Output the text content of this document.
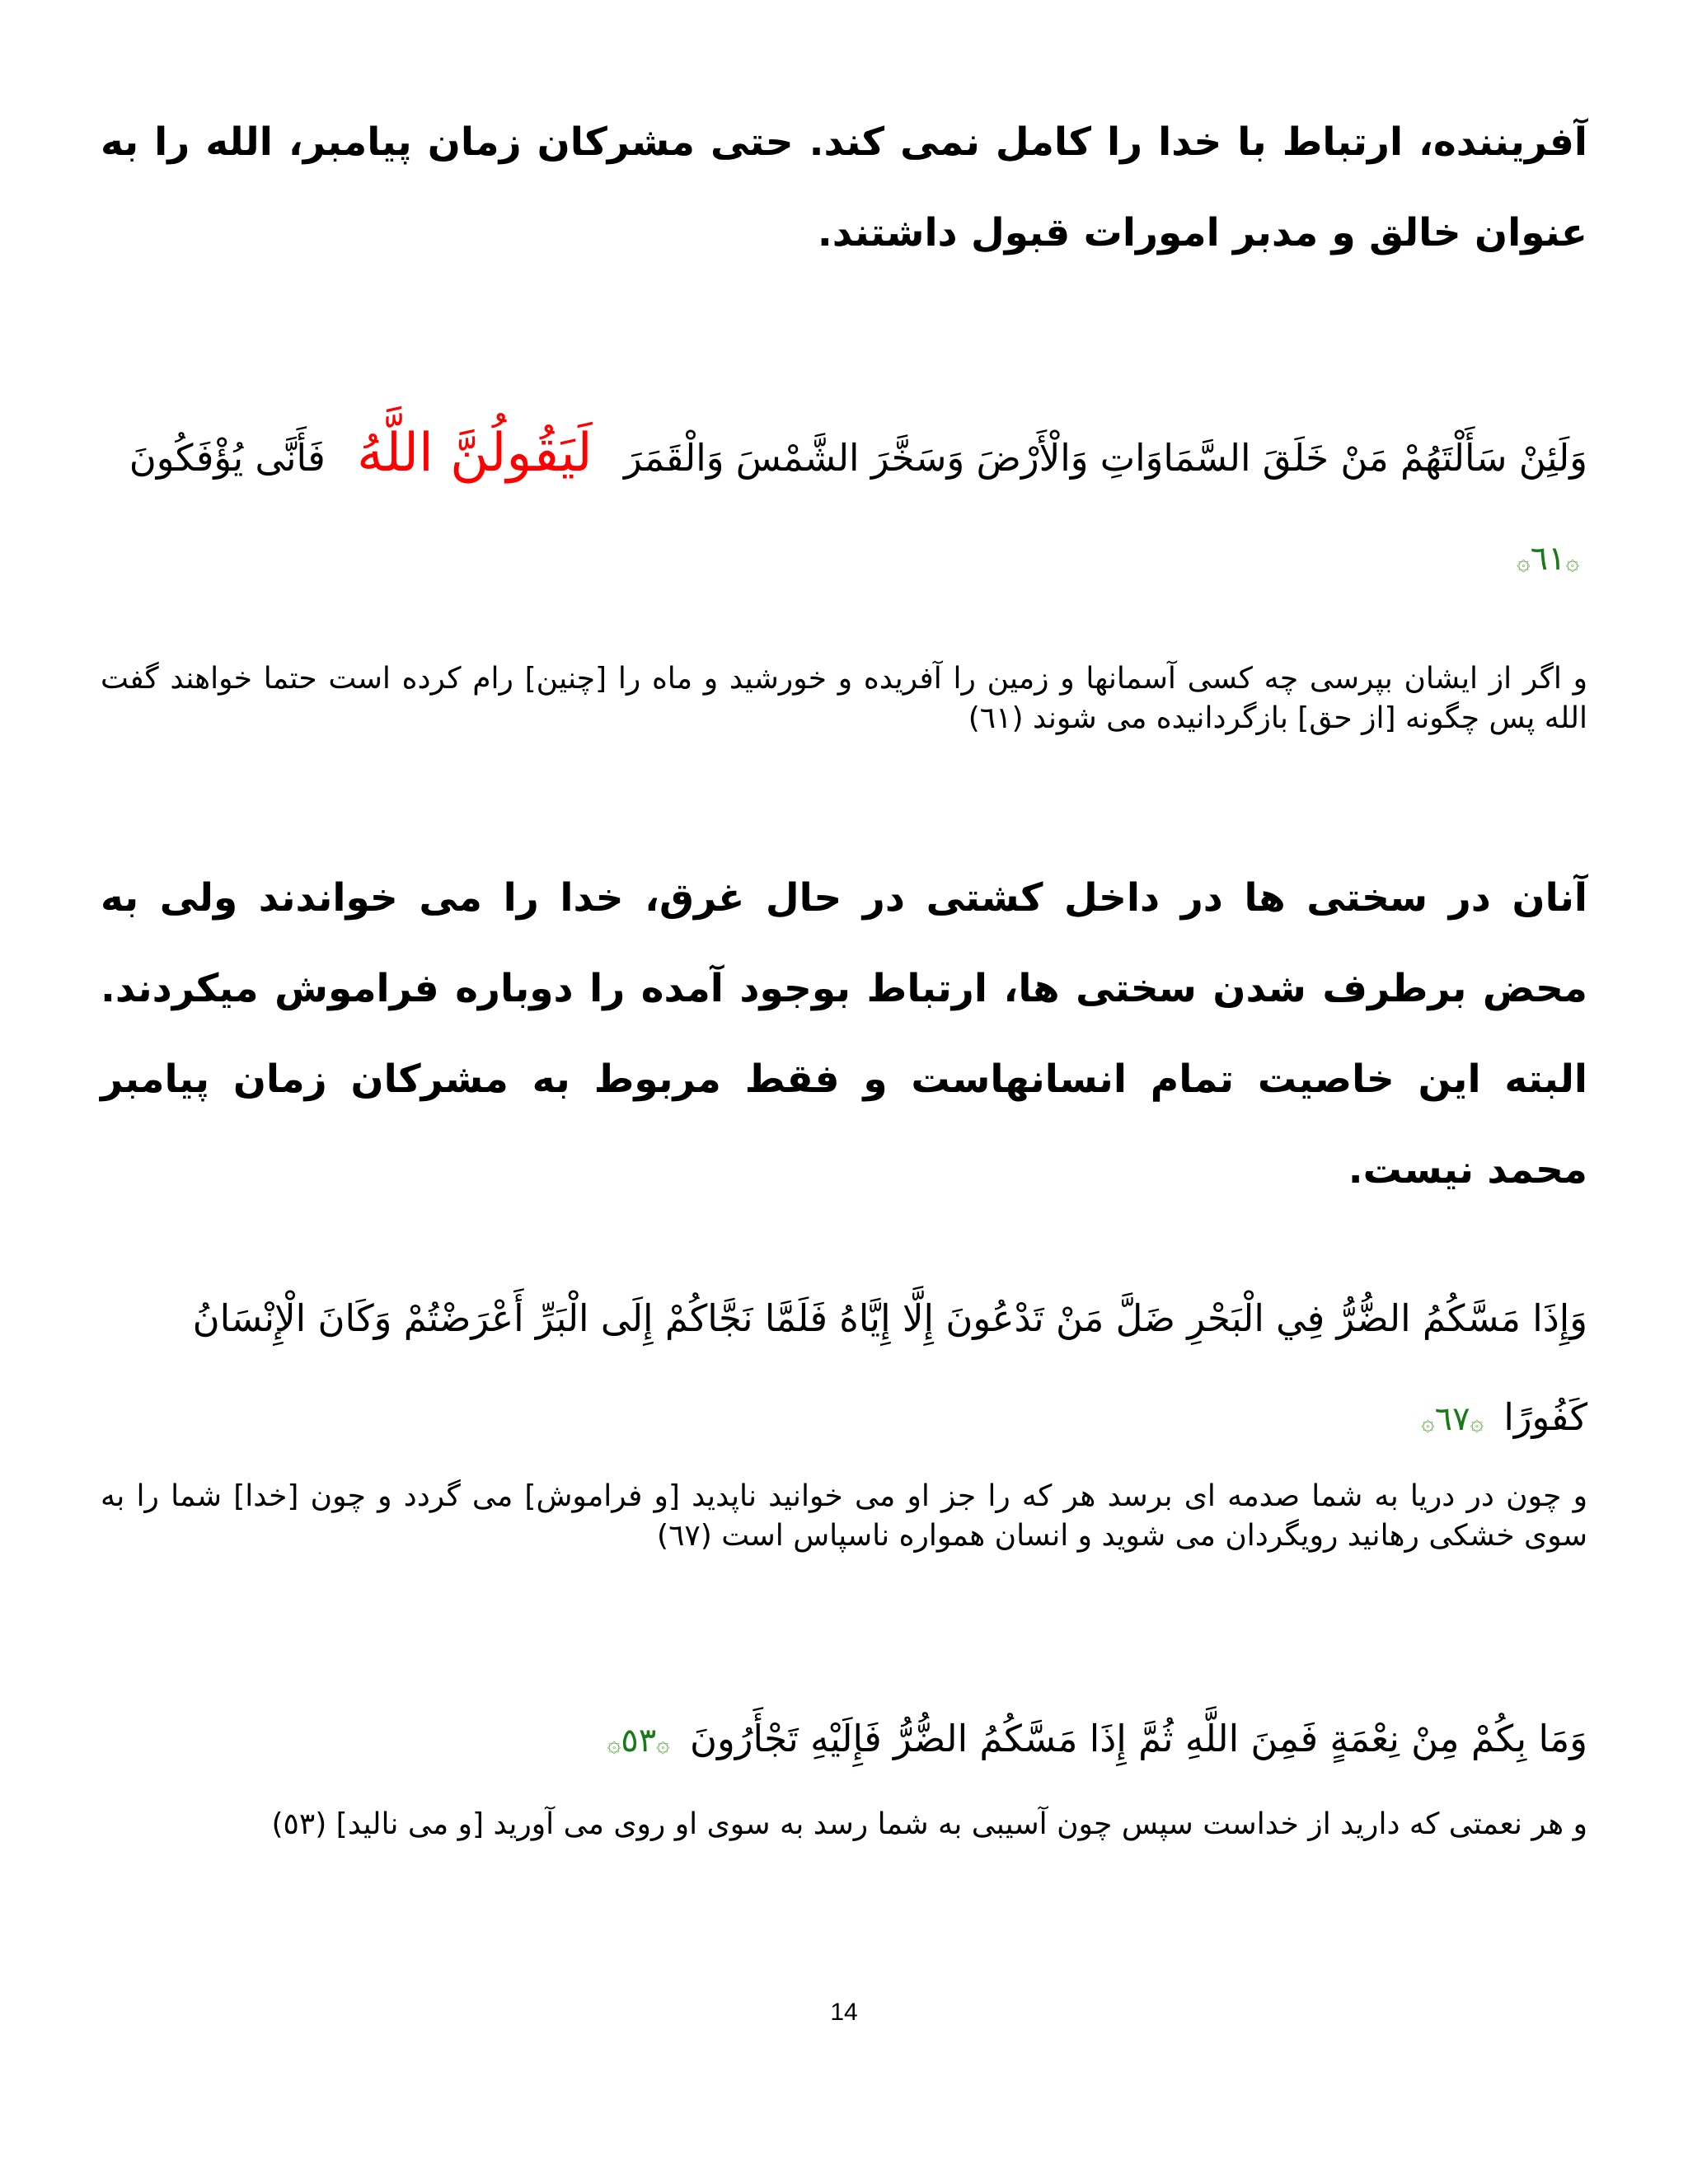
آفریننده، ارتباط با خدا را کامل نمی کند. حتی مشرکان زمان پیامبر، الله را به عنوان خالق و مدبر امورات قبول داشتند.

وَلَئِنْ سَأَلْتَهُمْ مَنْ خَلَقَ السَّمَاوَاتِ وَالْأَرْضَ وَسَخَّرَ الشَّمْسَ وَالْقَمَرَ لَيَقُولُنَّ اللَّهُ فَأَنَّى يُؤْفَكُونَ ۞٦١۞

و اگر از ایشان بپرسی چه کسی آسمانها و زمین را آفریده و خورشید و ماه را [چنین] رام کرده است حتما خواهند گفت الله پس چگونه [از حق] بازگردانیده می شوند (٦١)

آنان در سختی ها در داخل کشتی در حال غرق، خدا را می خواندند ولی به محض برطرف شدن سختی ها، ارتباط بوجود آمده را دوباره فراموش میکردند. البته این خاصیت تمام انسانهاست و فقط مربوط به مشرکان زمان پیامبر محمد نیست.

وَإِذَا مَسَّكُمُ الضُّرُّ فِي الْبَحْرِ ضَلَّ مَنْ تَدْعُونَ إِلَّا إِيَّاهُ فَلَمَّا نَجَّاكُمْ إِلَى الْبَرِّ أَعْرَضْتُمْ وَكَانَ الْإِنْسَانُ كَفُورًا ۞٦٧۞

و چون در دریا به شما صدمه ای برسد هر که را جز او می خوانید ناپدید [و فراموش] می گردد و چون [خدا] شما را به سوی خشکی رهانید رویگردان می شوید و انسان همواره ناسپاس است (٦٧)

وَمَا بِكُمْ مِنْ نِعْمَةٍ فَمِنَ اللَّهِ ثُمَّ إِذَا مَسَّكُمُ الضُّرُّ فَإِلَيْهِ تَجْأَرُونَ ۞٥٣۞

و هر نعمتی که دارید از خداست سپس چون آسیبی به شما رسد به سوی او روی می آورید [و می نالید] (٥٣)

14
